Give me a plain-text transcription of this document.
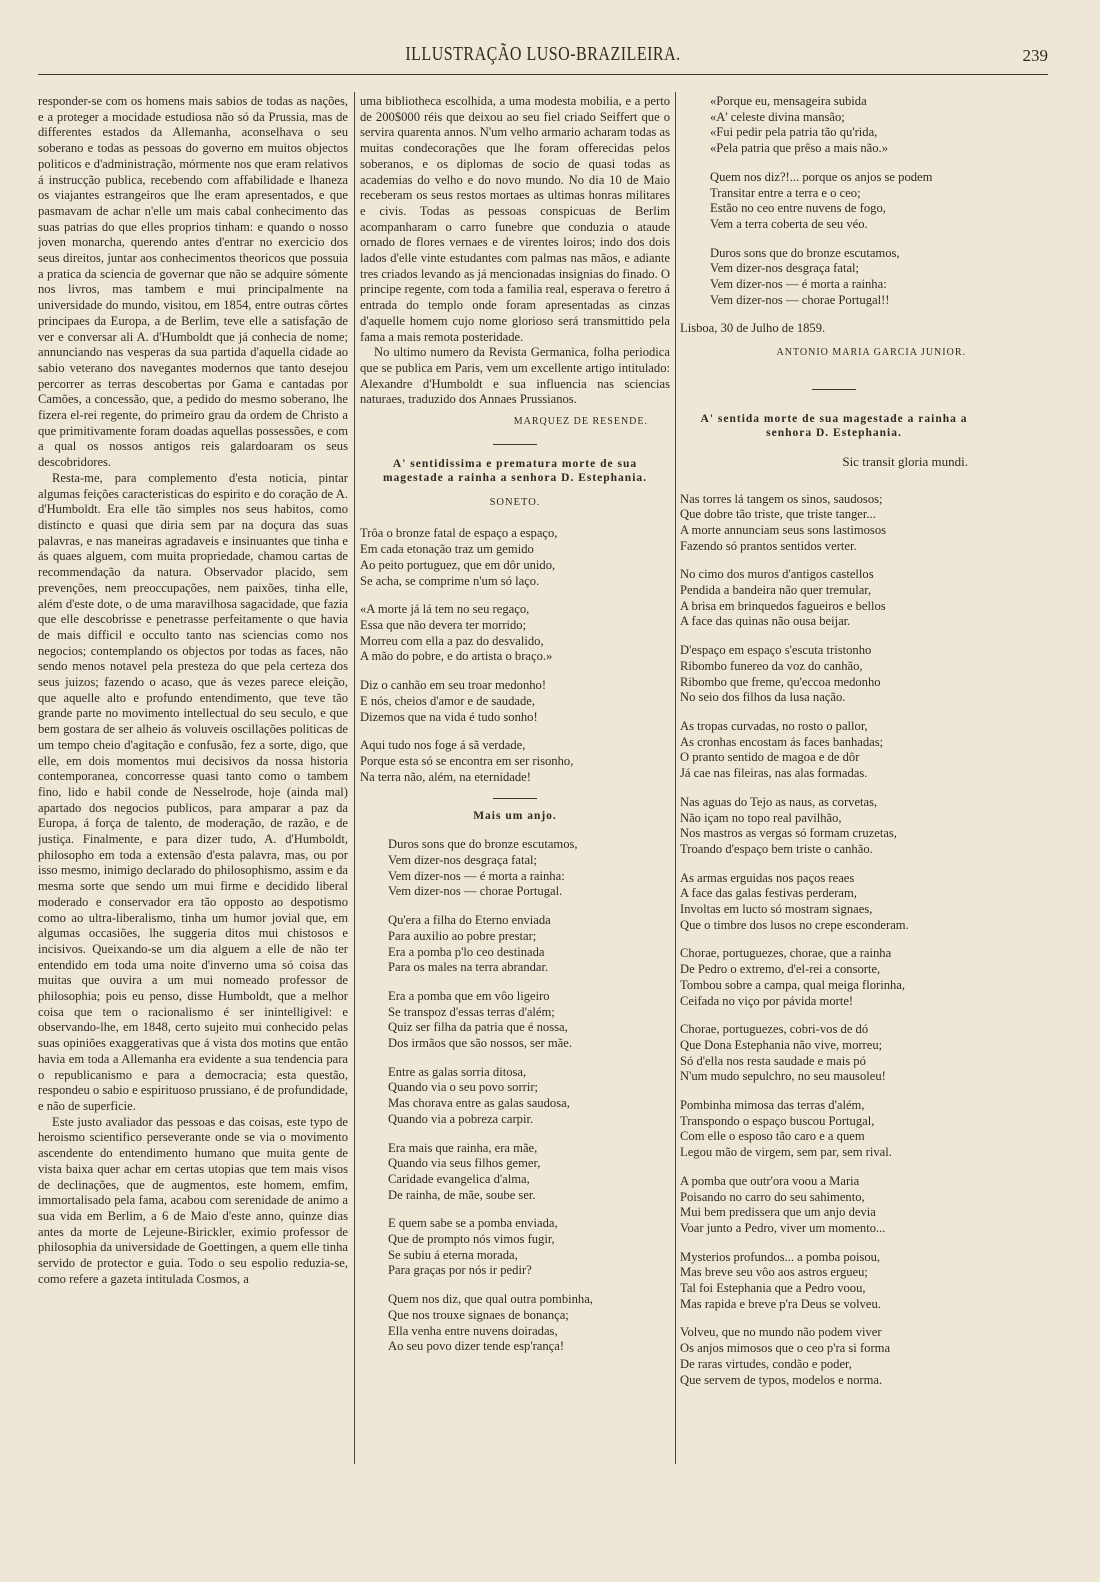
ILLUSTRAÇÃO LUSO-BRAZILEIRA.	239

responder-se com os homens mais sabios de todas as nações, e a proteger a mocidade estudiosa não só da Prussia, mas de differentes estados da Allemanha, aconselhava o seu soberano e todas as pessoas do governo em muitos objectos politicos e d'administração, mórmente nos que eram relativos á instrucção publica, recebendo com affabilidade e lhaneza os viajantes estrangeiros que lhe eram apresentados, e que pasmavam de achar n'elle um mais cabal conhecimento das suas patrias do que elles proprios tinham: e quando o nosso joven monarcha, querendo antes d'entrar no exercicio dos seus direitos, juntar aos conhecimentos theoricos que possuia a pratica da sciencia de governar que não se adquire sómente nos livros, mas tambem e mui principalmente na universidade do mundo, visitou, em 1854, entre outras côrtes principaes da Europa, a de Berlim, teve elle a satisfação de ver e conversar ali A. d'Humboldt que já conhecia de nome; annunciando nas vesperas da sua partida d'aquella cidade ao sabio veterano dos navegantes modernos que tanto desejou percorrer as terras descobertas por Gama e cantadas por Camões, a concessão, que, a pedido do mesmo soberano, lhe fizera el-rei regente, do primeiro grau da ordem de Christo a que primitivamente foram doadas aquellas possessões, e com a qual os nossos antigos reis galardoaram os seus descobridores.

Resta-me, para complemento d'esta noticia, pintar algumas feições caracteristicas do espirito e do coração de A. d'Humboldt. Era elle tão simples nos seus habitos, como distincto e quasi que diria sem par na doçura das suas palavras, e nas maneiras agradaveis e insinuantes que tinha e ás quaes alguem, com muita propriedade, chamou cartas de recommendação da natura. Observador placido, sem prevenções, nem preoccupações, nem paixões, tinha elle, além d'este dote, o de uma maravilhosa sagacidade, que fazia que elle descobrisse e penetrasse perfeitamente o que havia de mais difficil e occulto tanto nas sciencias como nos negocios; contemplando os objectos por todas as faces, não sendo menos notavel pela presteza do que pela certeza dos seus juizos; fazendo o acaso, que ás vezes parece eleição, que aquelle alto e profundo entendimento, que teve tão grande parte no movimento intellectual do seu seculo, e que bem gostara de ser alheio ás voluveis oscillações politicas de um tempo cheio d'agitação e confusão, fez a sorte, digo, que elle, em dois momentos mui decisivos da nossa historia contemporanea, concorresse quasi tanto como o tambem fino, lido e habil conde de Nesselrode, hoje (ainda mal) apartado dos negocios publicos, para amparar a paz da Europa, á força de talento, de moderação, de razão, e de justiça. Finalmente, e para dizer tudo, A. d'Humboldt, philosopho em toda a extensão d'esta palavra, mas, ou por isso mesmo, inimigo declarado do philosophismo, assim e da mesma sorte que sendo um mui firme e decidido liberal moderado e conservador era tão opposto ao despotismo como ao ultra-liberalismo, tinha um humor jovial que, em algumas occasiões, lhe suggeria ditos mui chistosos e incisivos. Queixando-se um dia alguem a elle de não ter entendido em toda uma noite d'inverno uma só coisa das muitas que ouvira a um mui nomeado professor de philosophia; pois eu penso, disse Humboldt, que a melhor coisa que tem o racionalismo é ser inintelligivel: e observando-lhe, em 1848, certo sujeito mui conhecido pelas suas opiniões exaggerativas que á vista dos motins que então havia em toda a Allemanha era evidente a sua tendencia para o republicanismo e para a democracia; esta questão, respondeu o sabio e espirituoso prussiano, é de profundidade, e não de superficie.

Este justo avaliador das pessoas e das coisas, este typo de heroismo scientifico perseverante onde se via o movimento ascendente do entendimento humano que muita gente de vista baixa quer achar em certas utopias que tem mais visos de declinações, que de augmentos, este homem, emfim, immortalisado pela fama, acabou com serenidade de animo a sua vida em Berlim, a 6 de Maio d'este anno, quinze dias antes da morte de Lejeune-Birickler, eximio professor de philosophia da universidade de Goettingen, a quem elle tinha servido de protector e guia. Todo o seu espolio reduzia-se, como refere a gazeta intitulada Cosmos, a

uma bibliotheca escolhida, a uma modesta mobilia, e a perto de 200$000 réis que deixou ao seu fiel criado Seiffert que o servira quarenta annos. N'um velho armario acharam todas as muitas condecorações que lhe foram offerecidas pelos soberanos, e os diplomas de socio de quasi todas as academias do velho e do novo mundo. No dia 10 de Maio receberam os seus restos mortaes as ultimas honras militares e civis. Todas as pessoas conspicuas de Berlim acompanharam o carro funebre que conduzia o ataude ornado de flores vernaes e de virentes loiros; indo dos dois lados d'elle vinte estudantes com palmas nas mãos, e adiante tres criados levando as já mencionadas insignias do finado. O principe regente, com toda a familia real, esperava o feretro á entrada do templo onde foram apresentadas as cinzas d'aquelle homem cujo nome glorioso será transmittido pela fama a mais remota posteridade.

No ultimo numero da Revista Germanica, folha periodica que se publica em Paris, vem um excellente artigo intitulado: Alexandre d'Humboldt e sua influencia nas sciencias naturaes, traduzido dos Annaes Prussianos.

MARQUEZ DE RESENDE.
A' sentidissima e prematura morte de sua magestade a rainha a senhora D. Estephania.
SONETO.
Trôa o bronze fatal de espaço a espaço,
Em cada etonação traz um gemido
Ao peito portuguez, que em dôr unido,
Se acha, se comprime n'um só laço.
«A morte já lá tem no seu regaço,
Essa que não devera ter morrido;
Morreu com ella a paz do desvalido,
A mão do pobre, e do artista o braço.»
Diz o canhão em seu troar medonho!
E nós, cheios d'amor e de saudade,
Dizemos que na vida é tudo sonho!
Aqui tudo nos foge á sã verdade,
Porque esta só se encontra em ser risonho,
Na terra não, além, na eternidade!
Mais um anjo.
Duros sons que do bronze escutamos,
Vem dizer-nos desgraça fatal;
Vem dizer-nos — é morta a rainha:
Vem dizer-nos — chorae Portugal.
Qu'era a filha do Eterno enviada
Para auxilio ao pobre prestar;
Era a pomba p'lo ceo destinada
Para os males na terra abrandar.
Era a pomba que em vôo ligeiro
Se transpoz d'essas terras d'além;
Quiz ser filha da patria que é nossa,
Dos irmãos que são nossos, ser mãe.
Entre as galas sorria ditosa,
Quando via o seu povo sorrir;
Mas chorava entre as galas saudosa,
Quando via a pobreza carpir.
Era mais que rainha, era mãe,
Quando via seus filhos gemer,
Caridade evangelica d'alma,
De rainha, de mãe, soube ser.
E quem sabe se a pomba enviada,
Que de prompto nós vimos fugir,
Se subiu á eterna morada,
Para graças por nós ir pedir?
Quem nos diz, que qual outra pombinha,
Que nos trouxe signaes de bonança;
Ella venha entre nuvens doiradas,
Ao seu povo dizer tende esp'rança!
«Porque eu, mensageira subida
«A' celeste divina mansão;
«Fui pedir pela patria tão qu'rida,
«Pela patria que prêso a mais não.»
Quem nos diz?!... porque os anjos se podem
Transitar entre a terra e o ceo;
Estão no ceo entre nuvens de fogo,
Vem a terra coberta de seu véo.
Duros sons que do bronze escutamos,
Vem dizer-nos desgraça fatal;
Vem dizer-nos — é morta a rainha:
Vem dizer-nos — chorae Portugal!!
Lisboa, 30 de Julho de 1859.
ANTONIO MARIA GARCIA JUNIOR.
A' sentida morte de sua magestade a rainha a senhora D. Estephania.
Sic transit gloria mundi.
Nas torres lá tangem os sinos, saudosos;
Que dobre tão triste, que triste tanger...
A morte annunciam seus sons lastimosos
Fazendo só prantos sentidos verter.
No cimo dos muros d'antigos castellos
Pendida a bandeira não quer tremular,
A brisa em brinquedos fagueiros e bellos
A face das quinas não ousa beijar.
D'espaço em espaço s'escuta tristonho
Ribombo funereo da voz do canhão,
Ribombo que freme, qu'eccoa medonho
No seio dos filhos da lusa nação.
As tropas curvadas, no rosto o pallor,
As cronhas encostam ás faces banhadas;
O pranto sentido de magoa e de dôr
Já cae nas fileiras, nas alas formadas.
Nas aguas do Tejo as naus, as corvetas,
Não içam no topo real pavilhão,
Nos mastros as vergas só formam cruzetas,
Troando d'espaço bem triste o canhão.
As armas erguidas nos paços reaes
A face das galas festivas perderam,
Involtas em lucto só mostram signaes,
Que o timbre dos lusos no crepe esconderam.
Chorae, portuguezes, chorae, que a rainha
De Pedro o extremo, d'el-rei a consorte,
Tombou sobre a campa, qual meiga florinha,
Ceifada no viço por pávida morte!
Chorae, portuguezes, cobri-vos de dó
Que Dona Estephania não vive, morreu;
Só d'ella nos resta saudade e mais pó
N'um mudo sepulchro, no seu mausoleu!
Pombinha mimosa das terras d'além,
Transpondo o espaço buscou Portugal,
Com elle o esposo tão caro e a quem
Legou mão de virgem, sem par, sem rival.
A pomba que outr'ora voou a Maria
Poisando no carro do seu sahimento,
Mui bem predissera que um anjo devia
Voar junto a Pedro, viver um momento...
Mysterios profundos... a pomba poisou,
Mas breve seu vôo aos astros ergueu;
Tal foi Estephania que a Pedro voou,
Mas rapida e breve p'ra Deus se volveu.
Volveu, que no mundo não podem viver
Os anjos mimosos que o ceo p'ra si forma
De raras virtudes, condão e poder,
Que servem de typos, modelos e norma.
